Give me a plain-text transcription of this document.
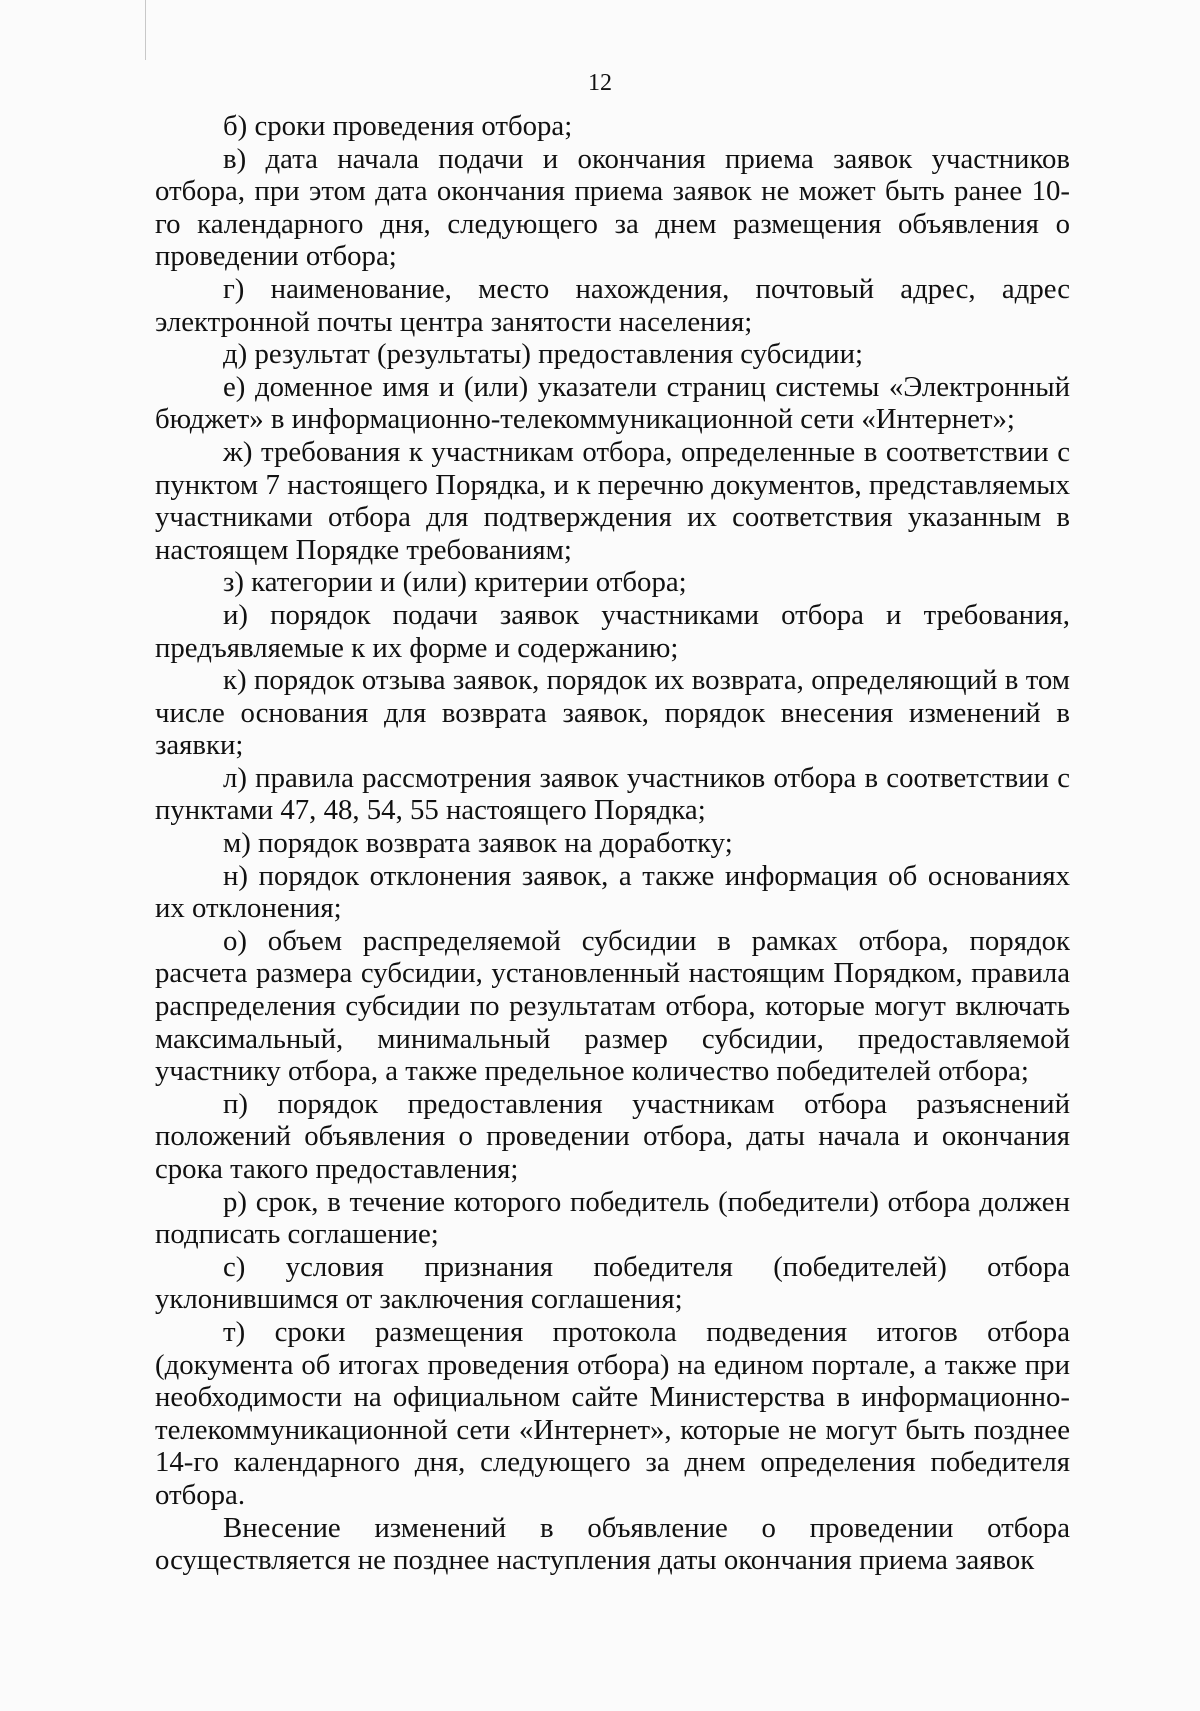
12

б) сроки проведения отбора;

в) дата начала подачи и окончания приема заявок участников отбора, при этом дата окончания приема заявок не может быть ранее 10-го календарного дня, следующего за днем размещения объявления о проведении отбора;

г) наименование, место нахождения, почтовый адрес, адрес электронной почты центра занятости населения;

д) результат (результаты) предоставления субсидии;

е) доменное имя и (или) указатели страниц системы «Электронный бюджет» в информационно-телекоммуникационной сети «Интернет»;

ж) требования к участникам отбора, определенные в соответствии с пунктом 7 настоящего Порядка, и к перечню документов, представляемых участниками отбора для подтверждения их соответствия указанным в настоящем Порядке требованиям;

з) категории и (или) критерии отбора;

и) порядок подачи заявок участниками отбора и требования, предъявляемые к их форме и содержанию;

к) порядок отзыва заявок, порядок их возврата, определяющий в том числе основания для возврата заявок, порядок внесения изменений в заявки;

л) правила рассмотрения заявок участников отбора в соответствии с пунктами 47, 48, 54, 55 настоящего Порядка;

м) порядок возврата заявок на доработку;

н) порядок отклонения заявок, а также информация об основаниях их отклонения;

о) объем распределяемой субсидии в рамках отбора, порядок расчета размера субсидии, установленный настоящим Порядком, правила распределения субсидии по результатам отбора, которые могут включать максимальный, минимальный размер субсидии, предоставляемой участнику отбора, а также предельное количество победителей отбора;

п) порядок предоставления участникам отбора разъяснений положений объявления о проведении отбора, даты начала и окончания срока такого предоставления;

р) срок, в течение которого победитель (победители) отбора должен подписать соглашение;

с) условия признания победителя (победителей) отбора уклонившимся от заключения соглашения;

т) сроки размещения протокола подведения итогов отбора (документа об итогах проведения отбора) на едином портале, а также при необходимости на официальном сайте Министерства в информационно-телекоммуникационной сети «Интернет», которые не могут быть позднее 14-го календарного дня, следующего за днем определения победителя отбора.

Внесение изменений в объявление о проведении отбора осуществляется не позднее наступления даты окончания приема заявок
